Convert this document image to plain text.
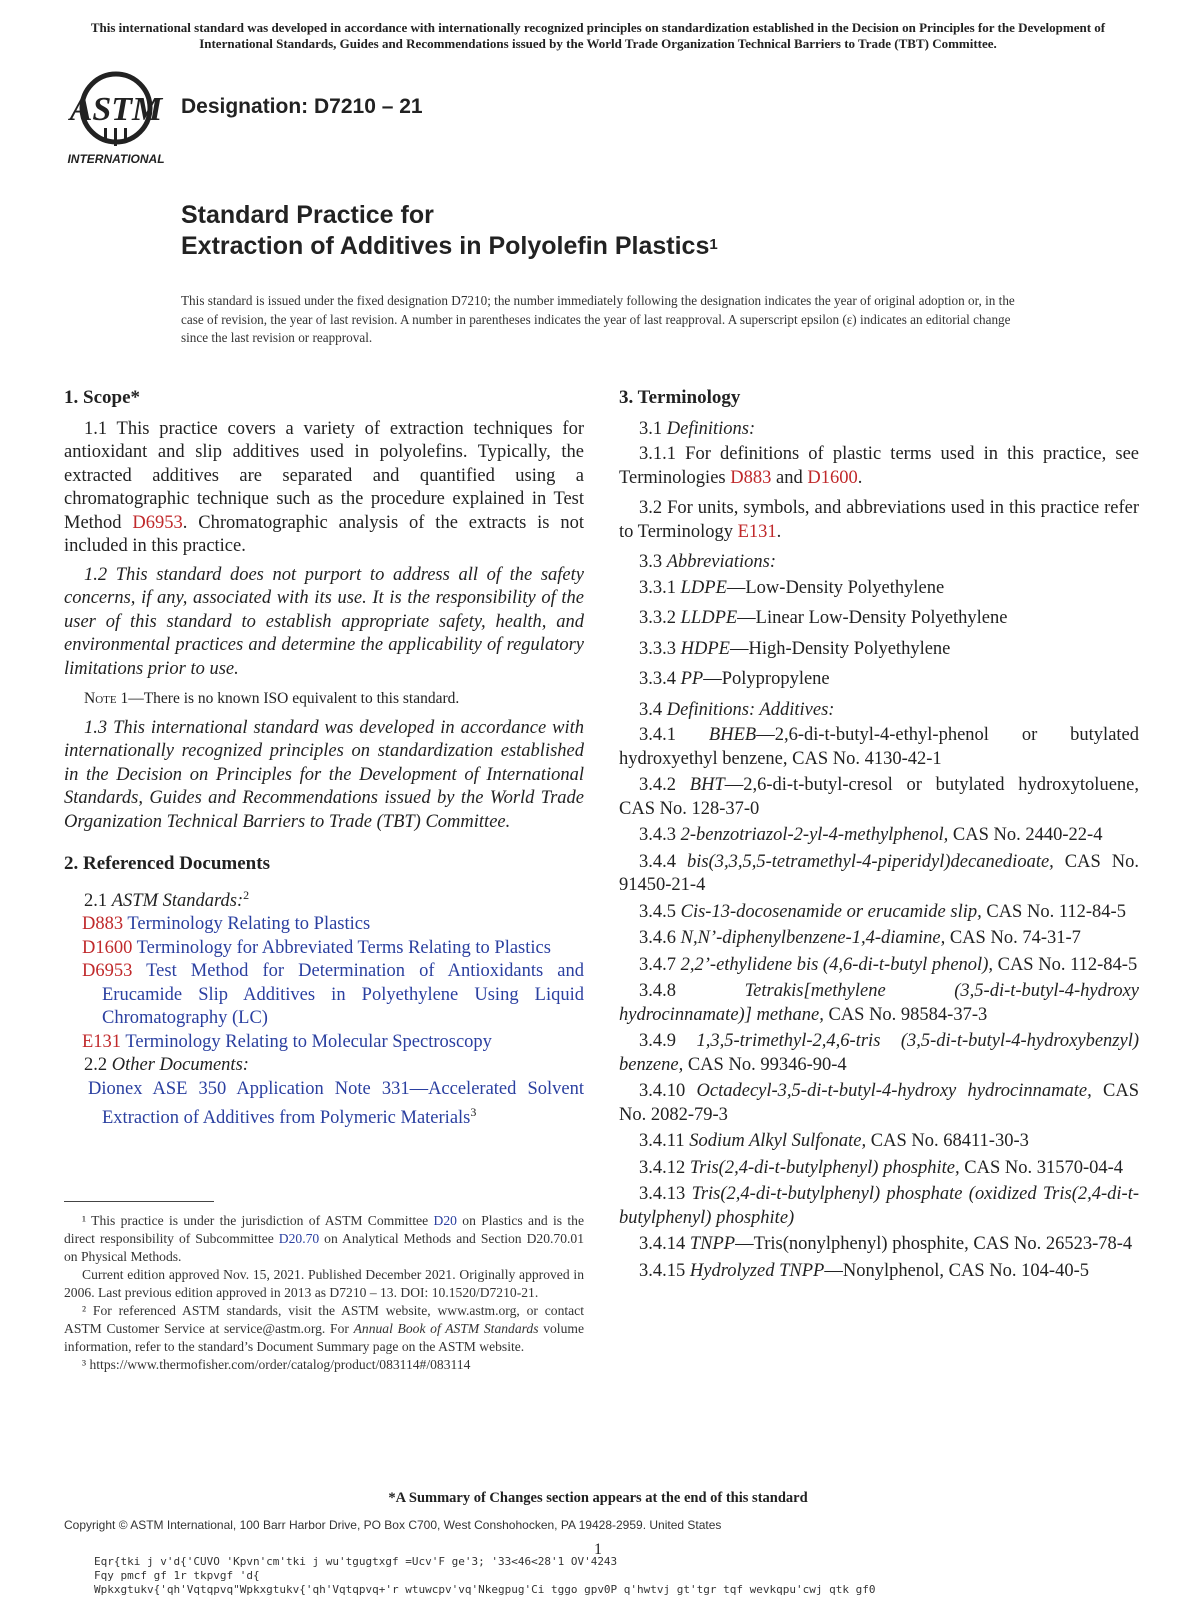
This international standard was developed in accordance with internationally recognized principles on standardization established in the Decision on Principles for the Development of International Standards, Guides and Recommendations issued by the World Trade Organization Technical Barriers to Trade (TBT) Committee.
ASTM
INTERNATIONAL
Designation: D7210 – 21
Standard Practice for
Extraction of Additives in Polyolefin Plastics$^1$
This standard is issued under the fixed designation D7210; the number immediately following the designation indicates the year of original adoption or, in the case of revision, the year of last revision. A number in parentheses indicates the year of last reapproval. A superscript epsilon (ε) indicates an editorial change since the last revision or reapproval.
1. Scope*

1.1 This practice covers a variety of extraction techniques for antioxidant and slip additives used in polyolefins. Typically, the extracted additives are separated and quantified using a chromatographic technique such as the procedure explained in Test Method D6953. Chromatographic analysis of the extracts is not included in this practice.

1.2 This standard does not purport to address all of the safety concerns, if any, associated with its use. It is the responsibility of the user of this standard to establish appropriate safety, health, and environmental practices and determine the applicability of regulatory limitations prior to use.

Note 1—There is no known ISO equivalent to this standard.

1.3 This international standard was developed in accordance with internationally recognized principles on standardization established in the Decision on Principles for the Development of International Standards, Guides and Recommendations issued by the World Trade Organization Technical Barriers to Trade (TBT) Committee.

2. Referenced Documents
2.1 ASTM Standards:$^2$
D883 Terminology Relating to Plastics
D1600 Terminology for Abbreviated Terms Relating to Plastics
D6953 Test Method for Determination of Antioxidants and Erucamide Slip Additives in Polyethylene Using Liquid Chromatography (LC)
E131 Terminology Relating to Molecular Spectroscopy
2.2 Other Documents:
Dionex ASE 350 Application Note 331—Accelerated Solvent Extraction of Additives from Polymeric Materials$^3$

¹ This practice is under the jurisdiction of ASTM Committee D20 on Plastics and is the direct responsibility of Subcommittee D20.70 on Analytical Methods and Section D20.70.01 on Physical Methods.

Current edition approved Nov. 15, 2021. Published December 2021. Originally approved in 2006. Last previous edition approved in 2013 as D7210 – 13. DOI: 10.1520/D7210-21.

² For referenced ASTM standards, visit the ASTM website, www.astm.org, or contact ASTM Customer Service at service@astm.org. For Annual Book of ASTM Standards volume information, refer to the standard’s Document Summary page on the ASTM website.

³ https://www.thermofisher.com/order/catalog/product/083114#/083114

3. Terminology
3.1 Definitions:

3.1.1 For definitions of plastic terms used in this practice, see Terminologies D883 and D1600.

3.2 For units, symbols, and abbreviations used in this practice refer to Terminology E131.

3.3 Abbreviations:
3.3.1 LDPE—Low-Density Polyethylene
3.3.2 LLDPE—Linear Low-Density Polyethylene
3.3.3 HDPE—High-Density Polyethylene
3.3.4 PP—Polypropylene
3.4 Definitions: Additives:

3.4.1 BHEB—2,6-di-t-butyl-4-ethyl-phenol or butylated hydroxyethyl benzene, CAS No. 4130-42-1

3.4.2 BHT—2,6-di-t-butyl-cresol or butylated hydroxytoluene, CAS No. 128-37-0

3.4.3 2-benzotriazol-2-yl-4-methylphenol, CAS No. 2440-22-4

3.4.4 bis(3,3,5,5-tetramethyl-4-piperidyl)decanedioate, CAS No. 91450-21-4

3.4.5 Cis-13-docosenamide or erucamide slip, CAS No. 112-84-5

3.4.6 N,N’-diphenylbenzene-1,4-diamine, CAS No. 74-31-7

3.4.7 2,2’-ethylidene bis (4,6-di-t-butyl phenol), CAS No. 112-84-5

3.4.8 Tetrakis[methylene (3,5-di-t-butyl-4-hydroxy hydrocinnamate)] methane, CAS No. 98584-37-3

3.4.9 1,3,5-trimethyl-2,4,6-tris (3,5-di-t-butyl-4-hydroxybenzyl) benzene, CAS No. 99346-90-4

3.4.10 Octadecyl-3,5-di-t-butyl-4-hydroxy hydrocinnamate, CAS No. 2082-79-3

3.4.11 Sodium Alkyl Sulfonate, CAS No. 68411-30-3

3.4.12 Tris(2,4-di-t-butylphenyl) phosphite, CAS No. 31570-04-4

3.4.13 Tris(2,4-di-t-butylphenyl) phosphate (oxidized Tris(2,4-di-t-butylphenyl) phosphite)

3.4.14 TNPP—Tris(nonylphenyl) phosphite, CAS No. 26523-78-4

3.4.15 Hydrolyzed TNPP—Nonylphenol, CAS No. 104-40-5

*A Summary of Changes section appears at the end of this standard
Copyright © ASTM International, 100 Barr Harbor Drive, PO Box C700, West Conshohocken, PA 19428-2959. United States
1
Eqr{tki j v'd{'CUVO 'Kpvn'cm'tki j wu'tgugtxgf =Ucv'F ge'3; '33<46<28'1 OV'4243
Fqy pmcf gf 1r tkpvgf 'd{
Wpkxgtukv{'qh'Vqtqpvq"Wpkxgtukv{'qh'Vqtqpvq+'r wtuwcpv'vq'Nkegpug'Ci tggo gpv0P q'hwtvj gt'tgr tqf wevkqpu'cwj qtk gf0
